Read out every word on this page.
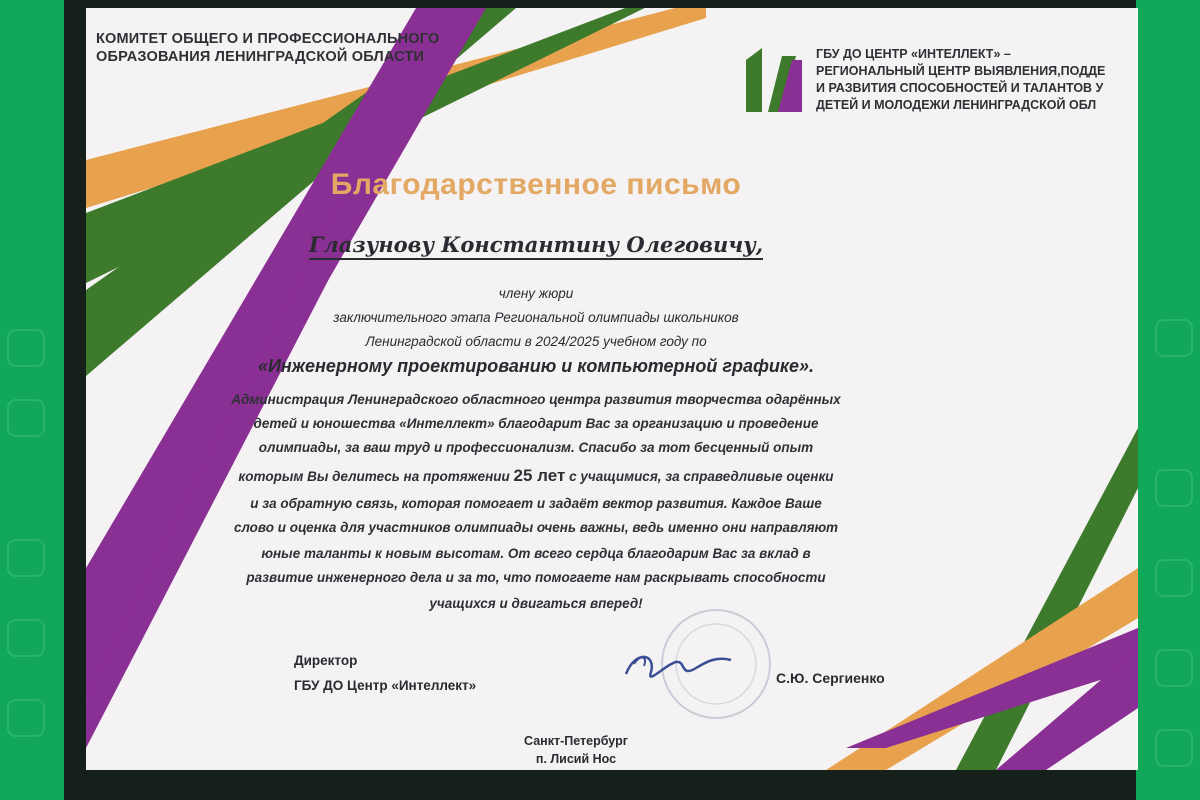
КОМИТЕТ ОБЩЕГО И ПРОФЕССИОНАЛЬНОГО
ОБРАЗОВАНИЯ ЛЕНИНГРАДСКОЙ ОБЛАСТИ	ГБУ ДО ЦЕНТР «ИНТЕЛЛЕКТ» –
РЕГИОНАЛЬНЫЙ ЦЕНТР ВЫЯВЛЕНИЯ,ПОДДЕ
И РАЗВИТИЯ СПОСОБНОСТЕЙ И ТАЛАНТОВ У
ДЕТЕЙ И МОЛОДЕЖИ ЛЕНИНГРАДСКОЙ ОБЛ
Благодарственное письмо
Глазунову Константину Олеговичу,
члену жюри
заключительного этапа Региональной олимпиады школьников
Ленинградской области в 2024/2025 учебном году по
«Инженерному проектированию и компьютерной графике».
Администрация Ленинградского областного центра развития творчества одарённых
детей и юношества «Интеллект» благодарит Вас за организацию и проведение
олимпиады, за ваш труд и профессионализм. Спасибо за тот бесценный опыт
которым Вы делитесь на протяжении 25 лет с учащимися, за справедливые оценки
и за обратную связь, которая помогает и задаёт вектор развития. Каждое Ваше
слово и оценка для участников олимпиады очень важны, ведь именно они направляют
юные таланты к новым высотам. От всего сердца благодарим Вас за вклад в
развитие инженерного дела и за то, что помогаете нам раскрывать способности
учащихся и двигаться вперед!
Директор
ГБУ ДО Центр «Интеллект»	С.Ю. Сергиенко
Санкт-Петербург
п. Лисий Нос
